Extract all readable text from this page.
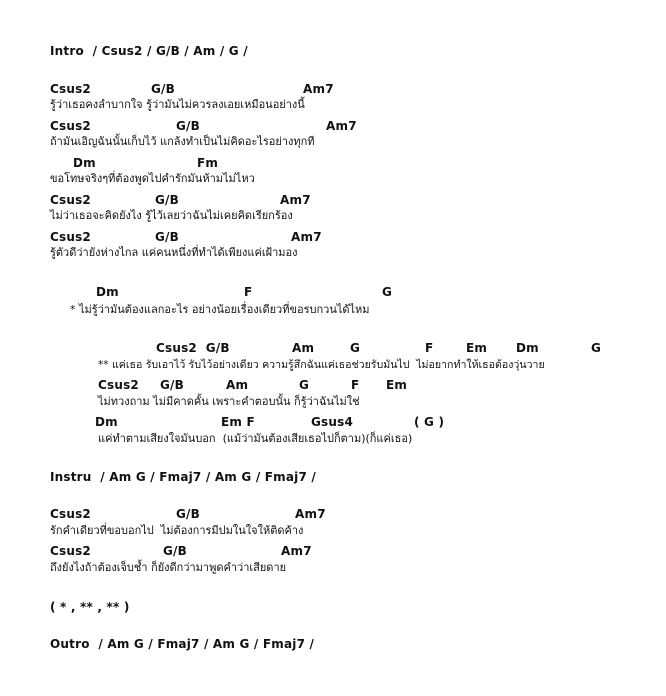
Intro  / Csus2 / G/B / Am / G /
Csus2	G/B	Am7
รู้ว่าเธอคงลำบากใจ รู้ว่ามันไม่ควรลงเอยเหมือนอย่างนี้
Csus2	G/B	Am7
ถ้ามันเอิญฉันนั้นเก็บไว้ แกล้งทำเป็นไม่คิดอะไรอย่างทุกที
Dm	Fm
ขอโทษจริงๆที่ต้องพูดไปคำรักมันห้ามไม่ไหว
Csus2	G/B	Am7
ไม่ว่าเธอจะคิดยังไง รู้ไว้เลยว่าฉันไม่เคยคิดเรียกร้อง
Csus2	G/B	Am7
รู้ตัวดีว่ายังห่างไกล แค่คนหนึ่งที่ทำได้เพียงแค่เฝ้ามอง
Dm	F	G
* ไม่รู้ว่ามันต้องแลกอะไร อย่างน้อยเรื่องเดียวที่ขอรบกวนได้ไหม
Csus2  G/B	Am	G	F	Em Dm	G
** แค่เธอ รับเอาไว้ รับไว้อย่างเดียว ความรู้สึกฉันแค่เธอช่วยรับมันไป  ไม่อยากทำให้เธอต้องวุ่นวาย
Csus2 G/B	Am	G	F Em
ไม่ทวงถาม ไม่มีคาดคั้น เพราะคำตอบนั้น ก็รู้ว่าฉันไม่ใช่
Dm	Em F	Gsus4	( G )
แค่ทำตามเสียงใจมันบอก  (แม้ว่ามันต้องเสียเธอไปก็ตาม)(ก็แค่เธอ)
Instru  / Am G / Fmaj7 / Am G / Fmaj7 /
Csus2	G/B	Am7
รักคำเดียวที่ขอบอกไป  ไม่ต้องการมีปมในใจให้ติดค้าง
Csus2	G/B	Am7
ถึงยังไงถ้าต้องเจ็บช้ำ ก็ยังดีกว่ามาพูดคำว่าเสียดาย
( * , ** , ** )
Outro  / Am G / Fmaj7 / Am G / Fmaj7 /
